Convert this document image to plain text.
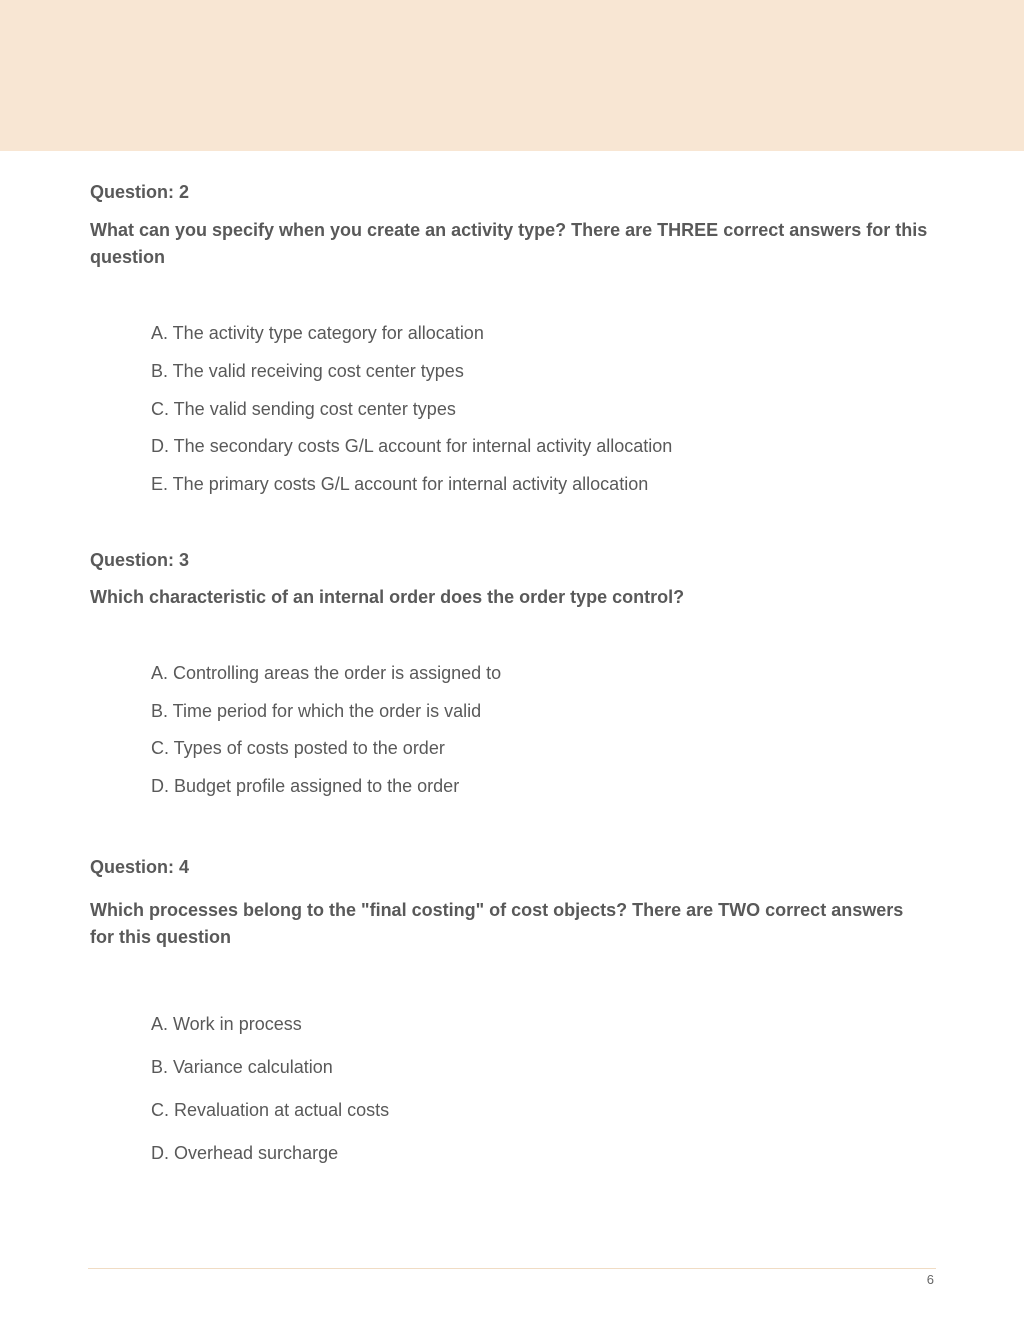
Question: 2

What can you specify when you create an activity type? There are THREE correct answers for this question

A. The activity type category for allocation

B. The valid receiving cost center types

C. The valid sending cost center types

D. The secondary costs G/L account for internal activity allocation

E. The primary costs G/L account for internal activity allocation

Question: 3

Which characteristic of an internal order does the order type control?

A. Controlling areas the order is assigned to

B. Time period for which the order is valid

C. Types of costs posted to the order

D. Budget profile assigned to the order

Question: 4

Which processes belong to the "final costing" of cost objects? There are TWO correct answers for this question

A. Work in process

B. Variance calculation

C. Revaluation at actual costs

D. Overhead surcharge

6
